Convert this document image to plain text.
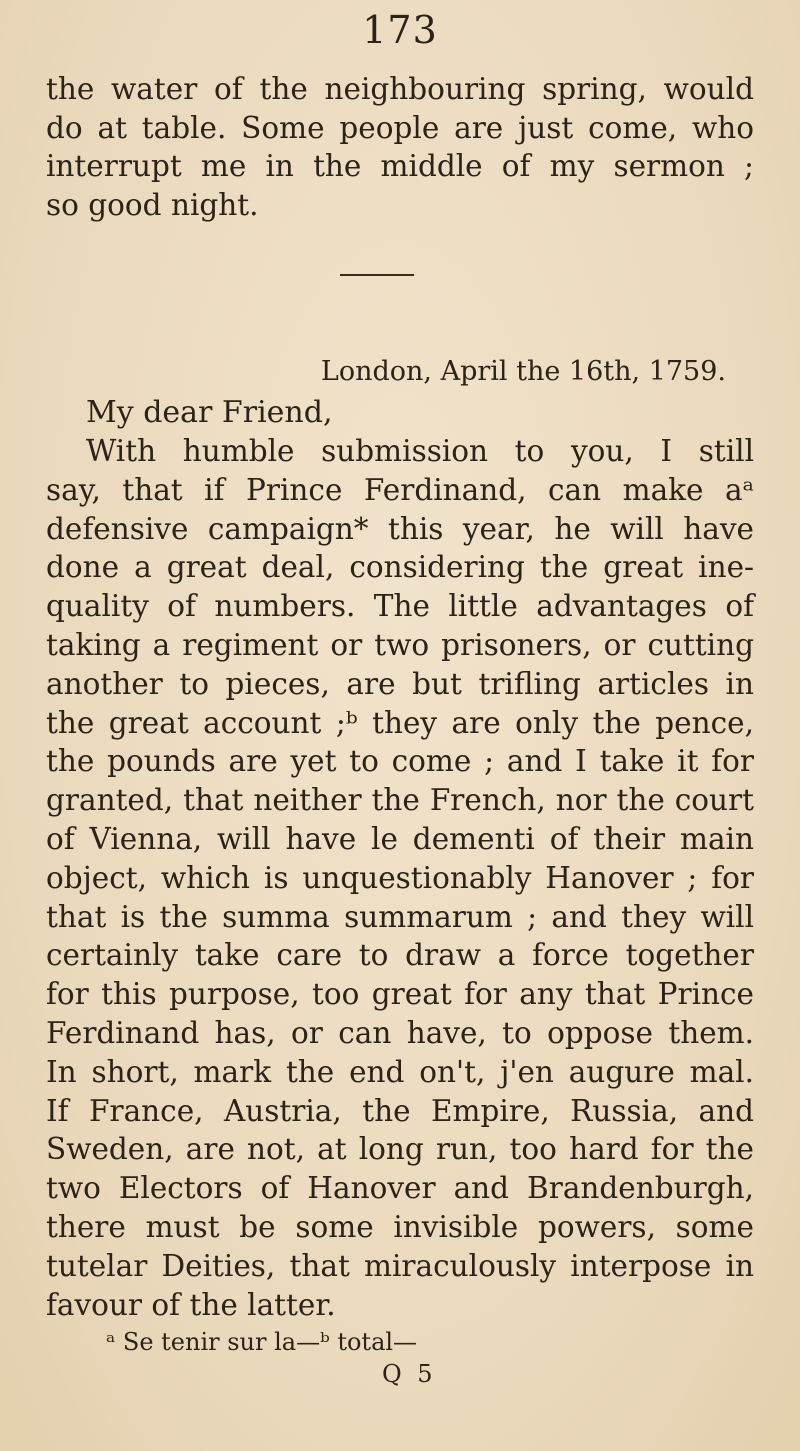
173
the water of the neighbouring spring, would
do at table. Some people are just come, who
interrupt me in the middle of my sermon ;
so good night.
London, April the 16th, 1759.
My dear Friend,
With humble submission to you, I still
say, that if Prince Ferdinand, can make aᵃ
defensive campaign* this year, he will have
done a great deal, considering the great ine-
quality of numbers. The little advantages of
taking a regiment or two prisoners, or cutting
another to pieces, are but trifling articles in
the great account ;ᵇ they are only the pence,
the pounds are yet to come ; and I take it for
granted, that neither the French, nor the court
of Vienna, will have le dementi of their main
object, which is unquestionably Hanover ; for
that is the summa summarum ; and they will
certainly take care to draw a force together
for this purpose, too great for any that Prince
Ferdinand has, or can have, to oppose them.
In short, mark the end on't, j'en augure mal.
If France, Austria, the Empire, Russia, and
Sweden, are not, at long run, too hard for the
two Electors of Hanover and Brandenburgh,
there must be some invisible powers, some
tutelar Deities, that miraculously interpose in
favour of the latter.
ᵃ Se tenir sur la—ᵇ total—
Q 5
